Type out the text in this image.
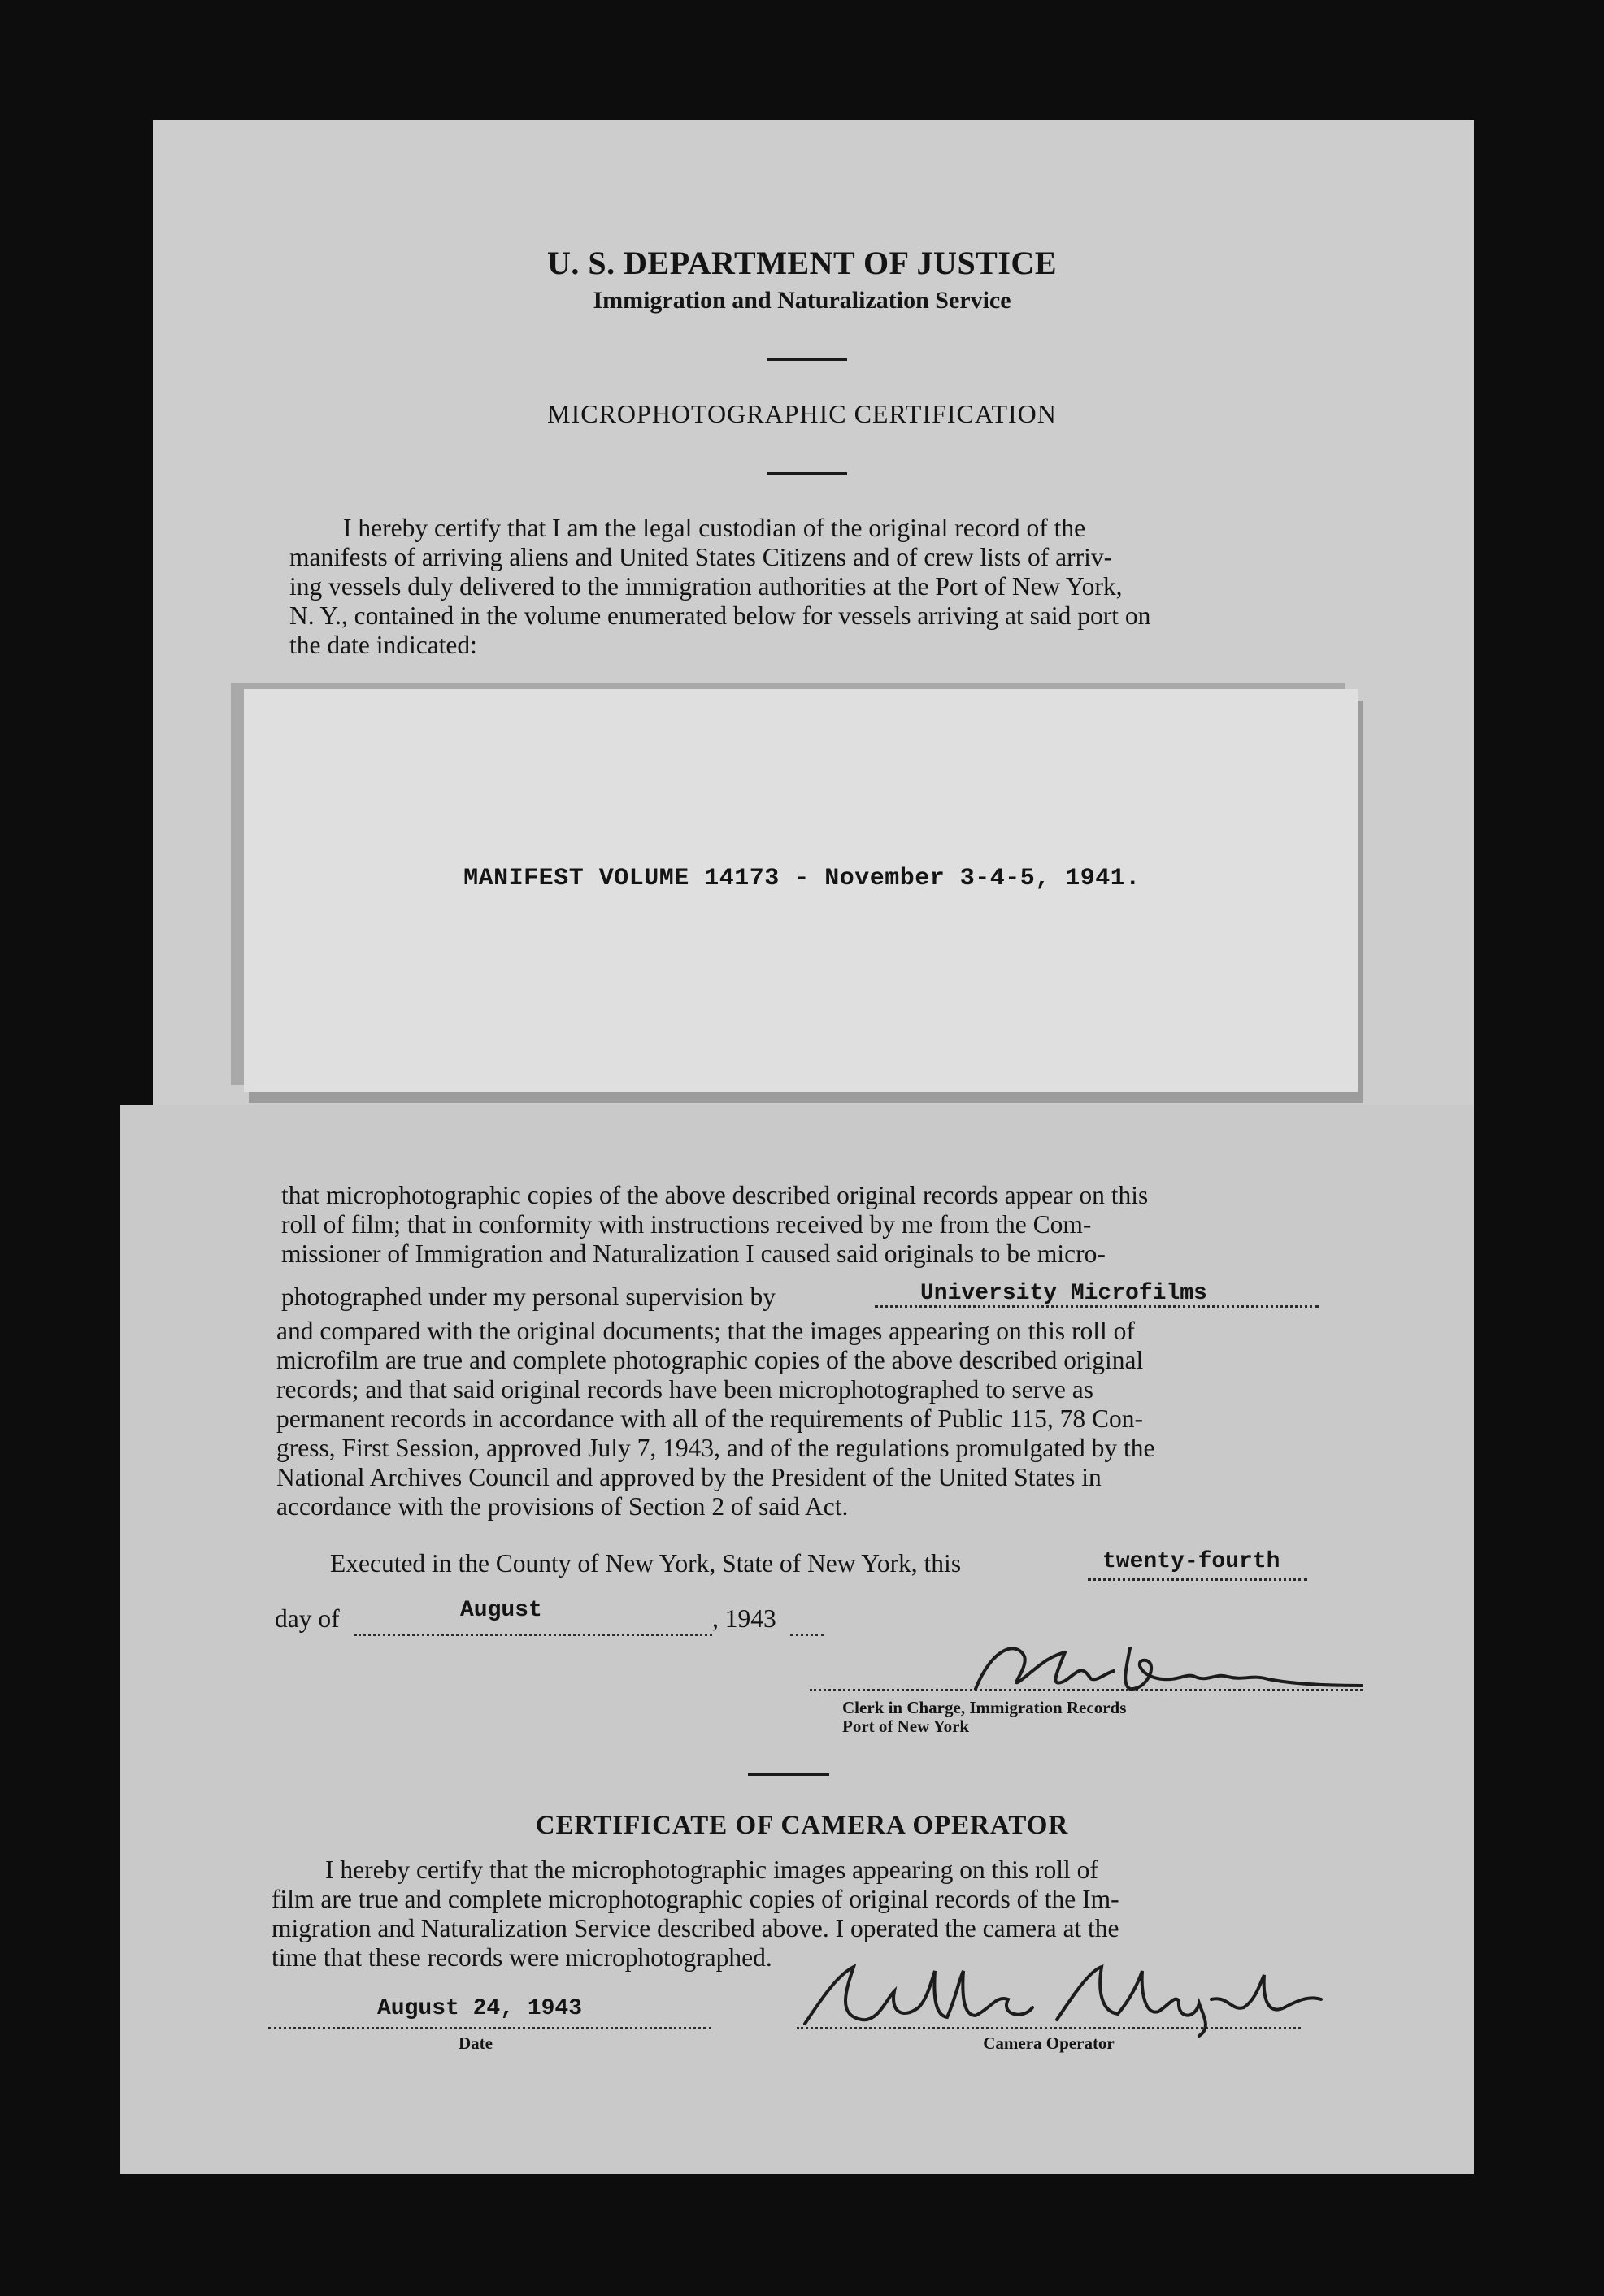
U. S. DEPARTMENT OF JUSTICE
Immigration and Naturalization Service
MICROPHOTOGRAPHIC CERTIFICATION
I hereby certify that I am the legal custodian of the original record of the
manifests of arriving aliens and United States Citizens and of crew lists of arriv-
ing vessels duly delivered to the immigration authorities at the Port of New York,
N. Y., contained in the volume enumerated below for vessels arriving at said port on
the date indicated:
MANIFEST VOLUME 14173 - November 3-4-5, 1941.
that microphotographic copies of the above described original records appear on this
roll of film; that in conformity with instructions received by me from the Com-
missioner of Immigration and Naturalization I caused said originals to be micro-
photographed under my personal supervision by	University Microfilms
and compared with the original documents; that the images appearing on this roll of
microfilm are true and complete photographic copies of the above described original
records; and that said original records have been microphotographed to serve as
permanent records in accordance with all of the requirements of Public 115, 78 Con-
gress, First Session, approved July 7, 1943, and of the regulations promulgated by the
National Archives Council and approved by the President of the United States in
accordance with the provisions of Section 2 of said Act.
Executed in the County of New York, State of New York, this	twenty-fourth
day of	August	, 1943
Clerk in Charge, Immigration Records
Port of New York
CERTIFICATE OF CAMERA OPERATOR
I hereby certify that the microphotographic images appearing on this roll of
film are true and complete microphotographic copies of original records of the Im-
migration and Naturalization Service described above. I operated the camera at the
time that these records were microphotographed.
August 24, 1943
Date	Camera Operator
